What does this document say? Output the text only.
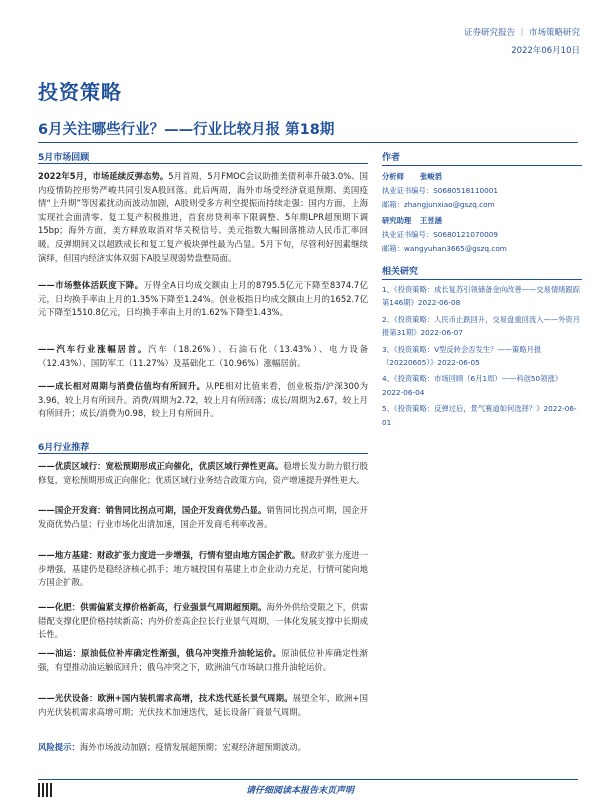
证券研究报告 ｜ 市场策略研究
2022年06月10日
投资策略
6月关注哪些行业？——行业比较月报 第18期
5月市场回顾
2022年5月，市场延续反弹态势。5月首周，5月FMOC会议助推美债利率升破3.0%、国内疫情防控形势严峻共同引发A股回落。此后两周，海外市场受经济衰退预期、美国疫情“上升期”等因素扰动而波动加剧，A股则受多方利空提振而持续走强：国内方面，上海实现社会面清零、复工复产积极推进，首套房贷利率下限调整、5年期LPR超预期下调15bp；海外方面，美方释放取消对华关税信号、美元指数大幅回落推动人民币汇率回暖。反弹期间又以超跌成长和复工复产板块弹性最为凸显。5月下旬，尽管利好因素继续演绎，但国内经济实体双弱下A股呈现弱势盘整局面。
——市场整体活跃度下降。万得全A日均成交额由上月的8795.5亿元下降至8374.7亿元，日均换手率由上月的1.35%下降至1.24%。创业板指日均成交额由上月的1652.7亿元下降至1510.8亿元，日均换手率由上月的1.62%下降至1.43%。
——汽车行业涨幅居首。汽车（18.26%）、石油石化（13.43%）、电力设备（12.43%）、国防军工（11.27%）及基础化工（10.96%）涨幅居前。
——成长相对周期与消费估值均有所回升。从PE相对比值来看，创业板指/沪深300为3.96，较上月有所回升。消费/周期为2.72，较上月有所回落；成长/周期为2.67，较上月有所回升；成长/消费为0.98，较上月有所回升。
6月行业推荐
——优质区域行：宽松预期形成正向催化，优质区域行弹性更高。稳增长发力助力银行股修复，宽松预期形成正向催化；优质区域行业务结合政策方向，资产增速提升弹性更大。
——国企开发商：销售同比拐点可期，国企开发商优势凸显。销售同比拐点可期，国企开发商优势凸显；行业市场化出清加速，国企开发商毛利率改善。
——地方基建：财政扩张力度进一步增强，行情有望由地方国企扩散。财政扩张力度进一步增强，基建仍是稳经济核心抓手；地方城投国有基建上市企业动力充足，行情可能向地方国企扩散。
——化肥：供需偏紧支撑价格新高，行业强景气周期超预期。海外外供给受限之下，供需错配支撑化肥价格持续新高；内外价差高企拉长行业景气周期，一体化发展支撑中长期成长性。
——油运：原油低位补库确定性渐强，俄乌冲突推升油轮运价。原油低位补库确定性渐强，有望推动油运触底回升；俄乌冲突之下，欧洲油气市场缺口推升油轮运价。
——光伏设备：欧洲+国内装机需求高增，技术迭代延长景气周期。展望全年，欧洲+国内光伏装机需求高增可期；光伏技术加速迭代，延长设备厂商景气周期。
风险提示：海外市场波动加剧；疫情发展超预期；宏观经济超预期波动。
作者
分析师 张峻滔
执业证书编号：S0680518110001
邮箱：zhangjunxiao@gszq.com
研究助理 王昱涵
执业证书编号：S0680121070009
邮箱：wangyuhan3665@gszq.com
相关研究
1、《投资策略：成长复苏引领储备金向改善——交易情绪跟踪第146期》2022-06-08
2、《投资策略：人民币止跌回升，交易盘重回流入——外资月报第31期》2022-06-07
3、《投资策略：V型反转会否发生？——策略月报（20220605）》2022-06-05
4、《投资策略：市场回顾（6月1周）——科创50领涨》2022-06-04
5、《投资策略：反弹过后，景气赛道如何选择？》2022-06-01
请仔细阅读本报告末页声明
